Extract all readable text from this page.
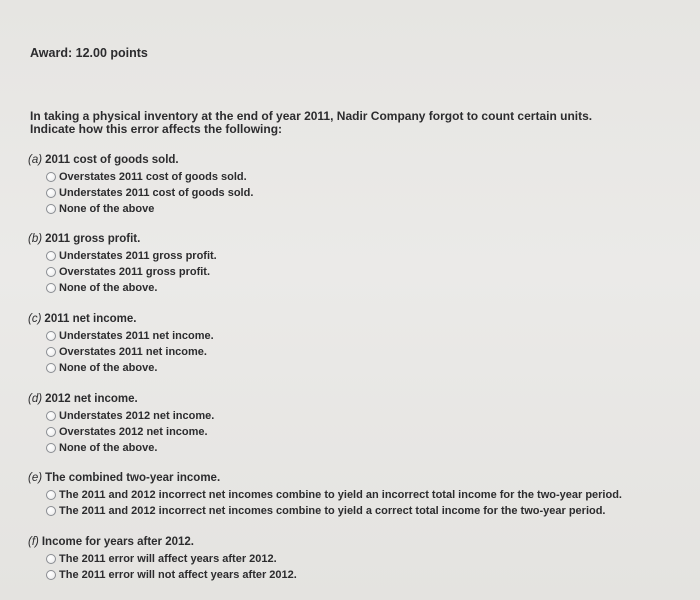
Award: 12.00 points
In taking a physical inventory at the end of year 2011, Nadir Company forgot to count certain units. Indicate how this error affects the following:
(a) 2011 cost of goods sold.
Overstates 2011 cost of goods sold.
Understates 2011 cost of goods sold.
None of the above
(b) 2011 gross profit.
Understates 2011 gross profit.
Overstates 2011 gross profit.
None of the above.
(c) 2011 net income.
Understates 2011 net income.
Overstates 2011 net income.
None of the above.
(d) 2012 net income.
Understates 2012 net income.
Overstates 2012 net income.
None of the above.
(e) The combined two-year income.
The 2011 and 2012 incorrect net incomes combine to yield an incorrect total income for the two-year period.
The 2011 and 2012 incorrect net incomes combine to yield a correct total income for the two-year period.
(f) Income for years after 2012.
The 2011 error will affect years after 2012.
The 2011 error will not affect years after 2012.
